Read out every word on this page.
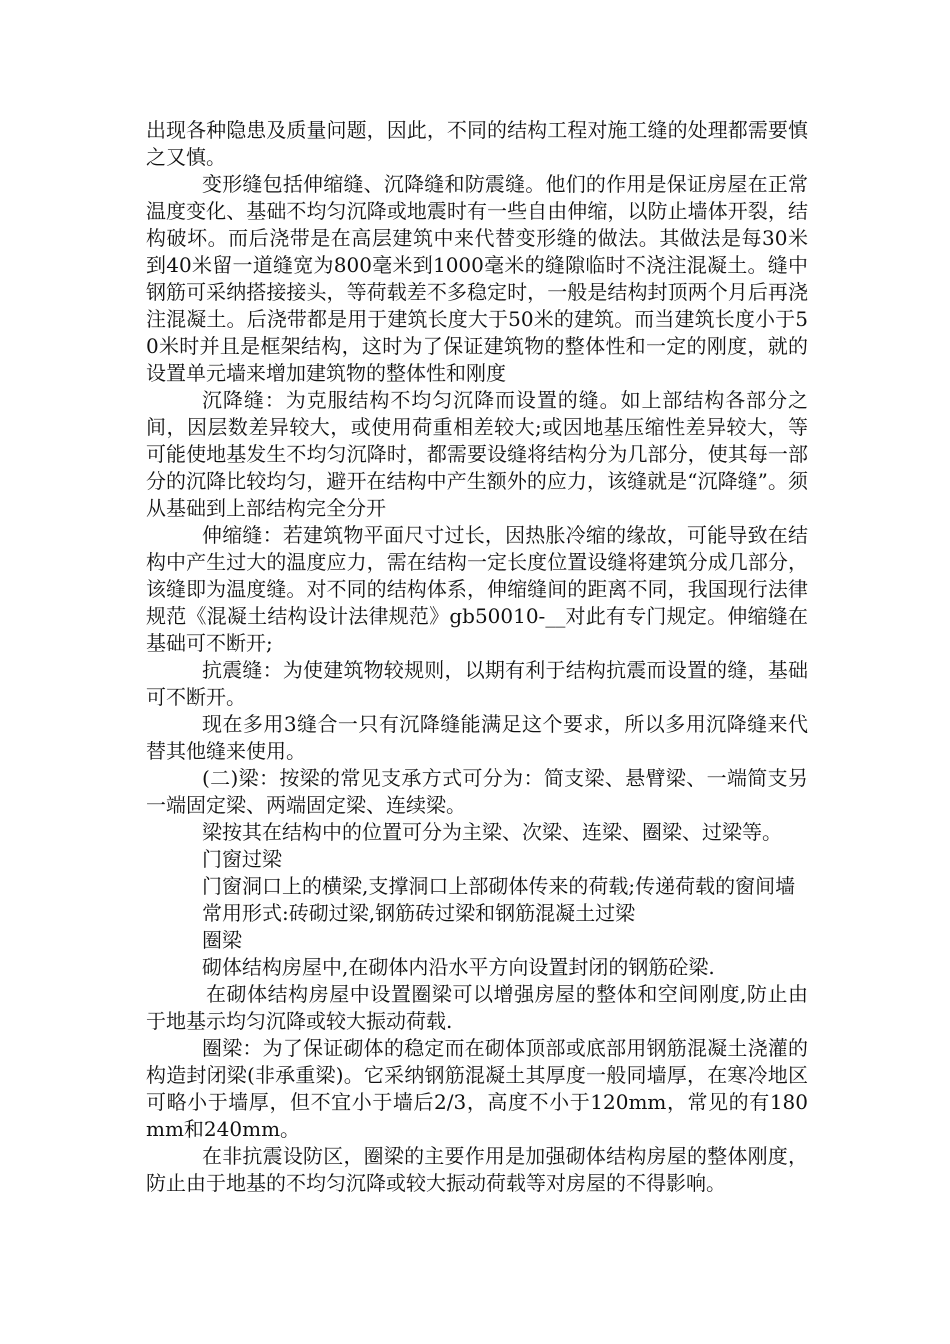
出现各种隐患及质量问题，因此，不同的结构工程对施工缝的处理都需要慎之又慎。

变形缝包括伸缩缝、沉降缝和防震缝。他们的作用是保证房屋在正常温度变化、基础不均匀沉降或地震时有一些自由伸缩，以防止墙体开裂，结构破坏。而后浇带是在高层建筑中来代替变形缝的做法。其做法是每30米到40米留一道缝宽为800毫米到1000毫米的缝隙临时不浇注混凝土。缝中钢筋可采纳搭接接头，等荷载差不多稳定时，一般是结构封顶两个月后再浇注混凝土。后浇带都是用于建筑长度大于50米的建筑。而当建筑长度小于50米时并且是框架结构，这时为了保证建筑物的整体性和一定的刚度，就的设置单元墙来增加建筑物的整体性和刚度

沉降缝：为克服结构不均匀沉降而设置的缝。如上部结构各部分之间，因层数差异较大，或使用荷重相差较大;或因地基压缩性差异较大，等可能使地基发生不均匀沉降时，都需要设缝将结构分为几部分，使其每一部分的沉降比较均匀，避开在结构中产生额外的应力，该缝就是“沉降缝”。须从基础到上部结构完全分开

伸缩缝：若建筑物平面尺寸过长，因热胀冷缩的缘故，可能导致在结构中产生过大的温度应力，需在结构一定长度位置设缝将建筑分成几部分，该缝即为温度缝。对不同的结构体系，伸缩缝间的距离不同，我国现行法律规范《混凝土结构设计法律规范》gb50010-__对此有专门规定。伸缩缝在基础可不断开;

抗震缝：为使建筑物较规则，以期有利于结构抗震而设置的缝，基础可不断开。

现在多用3缝合一只有沉降缝能满足这个要求，所以多用沉降缝来代替其他缝来使用。

(二)梁：按梁的常见支承方式可分为：简支梁、悬臂梁、一端简支另一端固定梁、两端固定梁、连续梁。

梁按其在结构中的位置可分为主梁、次梁、连梁、圈梁、过梁等。

门窗过梁

门窗洞口上的横梁,支撑洞口上部砌体传来的荷载;传递荷载的窗间墙

常用形式:砖砌过梁,钢筋砖过梁和钢筋混凝土过梁

圈梁

砌体结构房屋中,在砌体内沿水平方向设置封闭的钢筋砼梁.

在砌体结构房屋中设置圈梁可以增强房屋的整体和空间刚度,防止由于地基示均匀沉降或较大振动荷载.

圈梁：为了保证砌体的稳定而在砌体顶部或底部用钢筋混凝土浇灌的构造封闭梁(非承重梁)。它采纳钢筋混凝土其厚度一般同墙厚，在寒冷地区可略小于墙厚，但不宜小于墙后2/3，高度不小于120mm，常见的有180mm和240mm。

在非抗震设防区，圈梁的主要作用是加强砌体结构房屋的整体刚度，防止由于地基的不均匀沉降或较大振动荷载等对房屋的不得影响。
